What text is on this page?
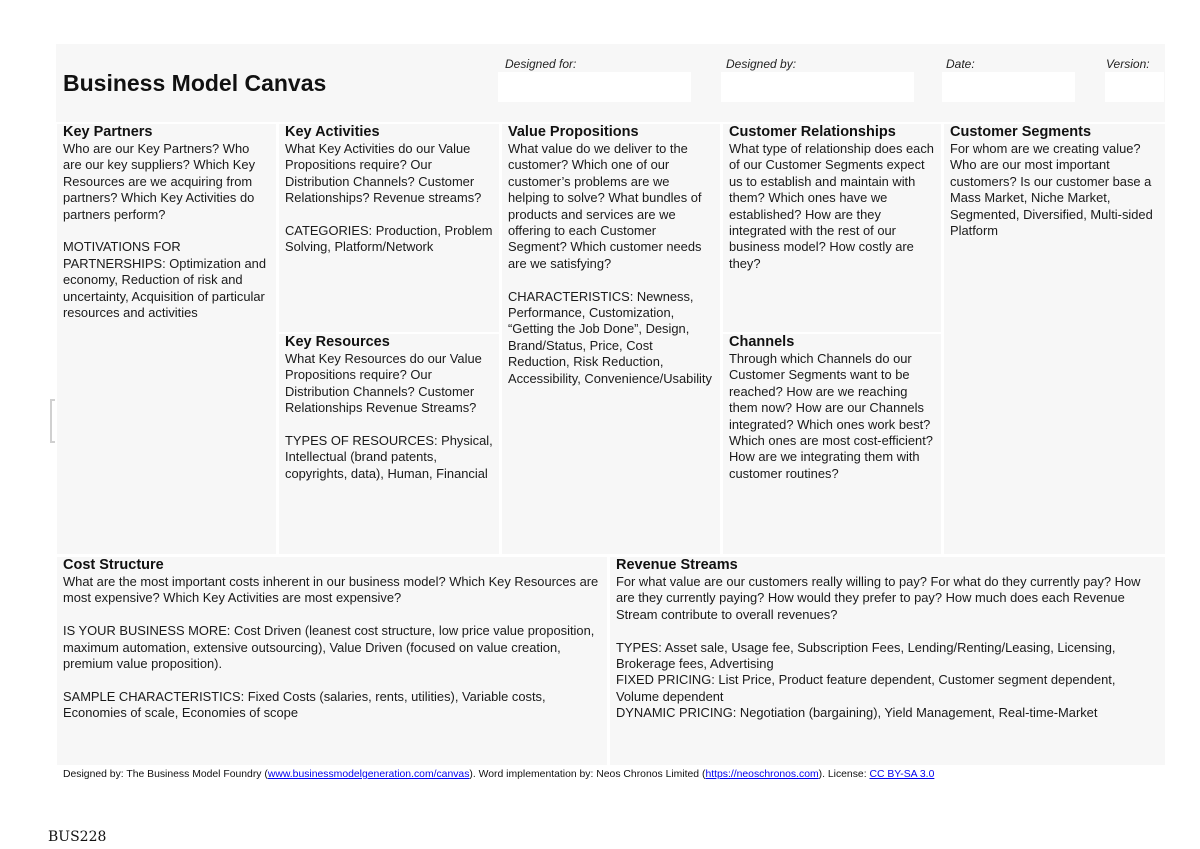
Business Model Canvas
Designed for:	Designed by:	Date:	Version:
Key Partners

Who are our Key Partners? Who are our key suppliers? Which Key Resources are we acquiring from partners? Which Key Activities do partners perform?

MOTIVATIONS FOR PARTNERSHIPS: Optimization and economy, Reduction of risk and uncertainty, Acquisition of particular resources and activities

Key Activities

What Key Activities do our Value Propositions require? Our Distribution Channels? Customer Relationships? Revenue streams?

CATEGORIES: Production, Problem Solving, Platform/Network

Key Resources

What Key Resources do our Value Propositions require? Our Distribution Channels? Customer Relationships Revenue Streams?

TYPES OF RESOURCES: Physical, Intellectual (brand patents, copyrights, data), Human, Financial

Value Propositions

What value do we deliver to the customer? Which one of our customer’s problems are we helping to solve? What bundles of products and services are we offering to each Customer Segment? Which customer needs are we satisfying?

CHARACTERISTICS: Newness, Performance, Customization, “Getting the Job Done”, Design, Brand/Status, Price, Cost Reduction, Risk Reduction, Accessibility, Convenience/Usability

Customer Relationships

What type of relationship does each of our Customer Segments expect us to establish and maintain with them? Which ones have we established? How are they integrated with the rest of our business model? How costly are they?

Channels

Through which Channels do our Customer Segments want to be reached? How are we reaching them now? How are our Channels integrated? Which ones work best? Which ones are most cost-efficient? How are we integrating them with customer routines?

Customer Segments

For whom are we creating value? Who are our most important customers? Is our customer base a Mass Market, Niche Market, Segmented, Diversified, Multi-sided Platform

Cost Structure

What are the most important costs inherent in our business model? Which Key Resources are most expensive? Which Key Activities are most expensive?

IS YOUR BUSINESS MORE: Cost Driven (leanest cost structure, low price value proposition, maximum automation, extensive outsourcing), Value Driven (focused on value creation, premium value proposition).

SAMPLE CHARACTERISTICS: Fixed Costs (salaries, rents, utilities), Variable costs, Economies of scale, Economies of scope

Revenue Streams

For what value are our customers really willing to pay? For what do they currently pay? How are they currently paying? How would they prefer to pay? How much does each Revenue Stream contribute to overall revenues?

TYPES: Asset sale, Usage fee, Subscription Fees, Lending/Renting/Leasing, Licensing, Brokerage fees, Advertising

FIXED PRICING: List Price, Product feature dependent, Customer segment dependent, Volume dependent

DYNAMIC PRICING: Negotiation (bargaining), Yield Management, Real-time-Market

Designed by: The Business Model Foundry (www.businessmodelgeneration.com/canvas). Word implementation by: Neos Chronos Limited (https://neoschronos.com). License: CC BY-SA 3.0
BUS228
